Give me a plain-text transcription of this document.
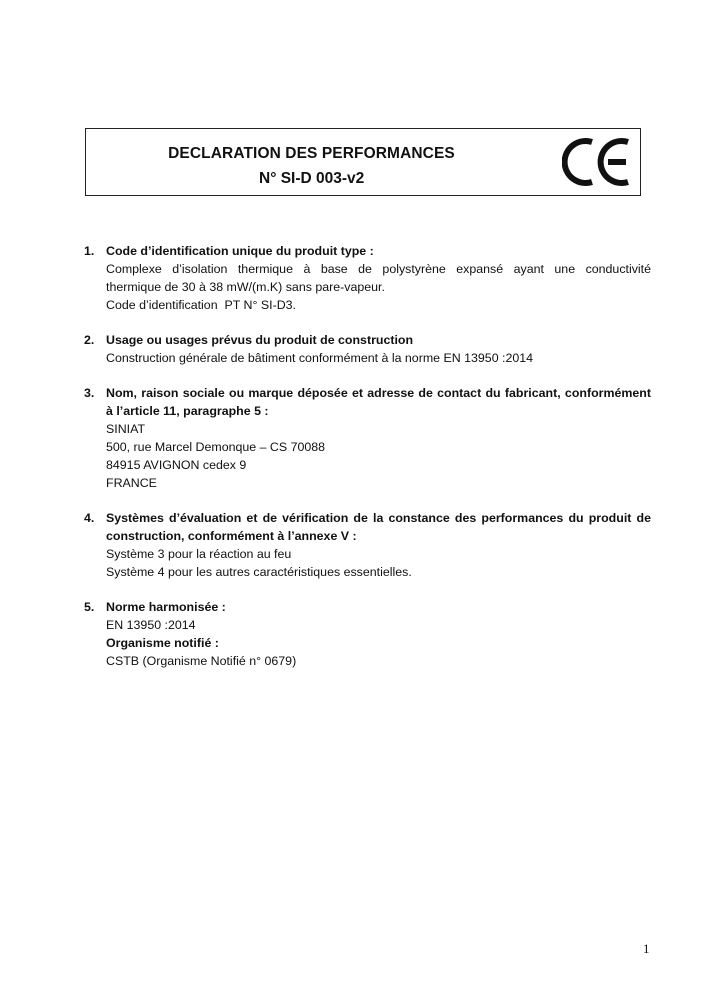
DECLARATION DES PERFORMANCES
N° SI-D 003-v2
1. Code d’identification unique du produit type :
Complexe d’isolation thermique à base de polystyrène expansé ayant une conductivité
thermique de 30 à 38 mW/(m.K) sans pare-vapeur.
Code d’identification  PT N° SI-D3.
2. Usage ou usages prévus du produit de construction
Construction générale de bâtiment conformément à la norme EN 13950 :2014
3. Nom, raison sociale ou marque déposée et adresse de contact du fabricant, conformément
à l’article 11, paragraphe 5 :
SINIAT
500, rue Marcel Demonque – CS 70088
84915 AVIGNON cedex 9
FRANCE
4. Systèmes d’évaluation et de vérification de la constance des performances du produit de
construction, conformément à l’annexe V :
Système 3 pour la réaction au feu
Système 4 pour les autres caractéristiques essentielles.
5. Norme harmonisée :
EN 13950 :2014
Organisme notifié :
CSTB (Organisme Notifié n° 0679)
1
